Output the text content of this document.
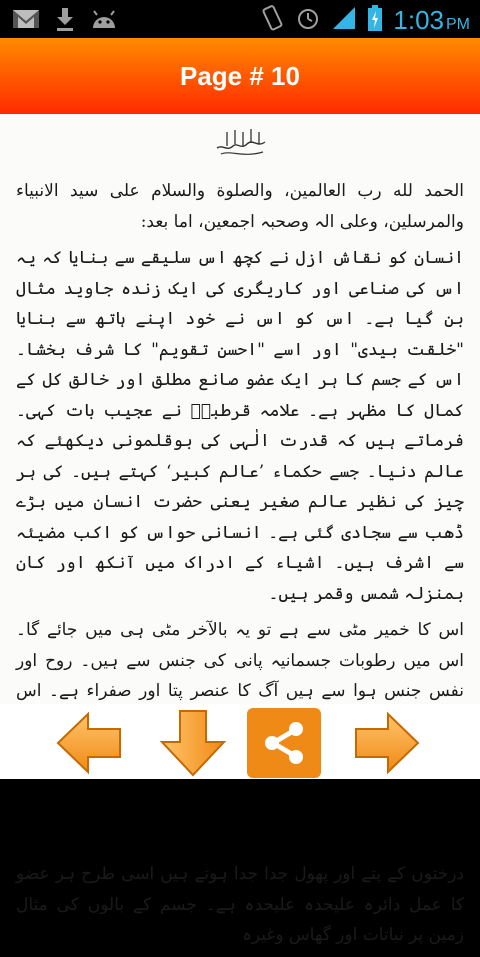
1:03 PM
Page # 10

الحمد لله رب العالمين، والصلوة والسلام علی سید الانبیاء والمرسلین، وعلی الہ وصحبہ اجمعین، اما بعد:

انسان کو نقاش ازل نے کچھ اس سلیقے سے بنایا کہ یہ اس کی صناعی اور کاریگری کی ایک زندہ جاوید مثال بن گیا ہے۔ اس کو اس نے خود اپنے ہاتھ سے بنایا "خلقت بیدی" اور اسے "احسن تقویم" کا شرف بخشا۔ اس کے جسم کا ہر ایک عضو صانع مطلق اور خالق کل کے کمال کا مظہر ہے۔ علامہ قرطبیؒ نے عجیب بات کہی۔ فرماتے ہیں کہ قدرت الٰہی کی بوقلمونی دیکھئے کہ عالم دنیا۔ جسے حکماء ’عالم کبیر‘ کہتے ہیں۔ کی ہر چیز کی نظیر عالم صغیر یعنی حضرت انسان میں بڑے ڈھب سے سجادی گئی ہے۔ انسانی حواس کو اکب مضیئہ سے اشرف ہیں۔ اشیاء کے ادراک میں آنکھ اور کان بمنزلہ شمس وقمر ہیں۔

اس کا خمیر مٹی سے ہے تو یہ بالآخر مٹی ہی میں جائے گا۔ اس میں رطوبات جسمانیہ پانی کی جنس سے ہیں۔ روح اور نفس جنس ہوا سے ہیں آگ کا عنصر پتا اور صفراء ہے۔ اس درختوں کے پتے اور پھول جدا جدا ہوتے ہیں اسی طرح ہر عضو کا عمل دائرہ علیحدہ علیحدہ ہے۔ جسم کے بالوں کی مثال زمین پر نباتات اور گھاس وغیرہ
